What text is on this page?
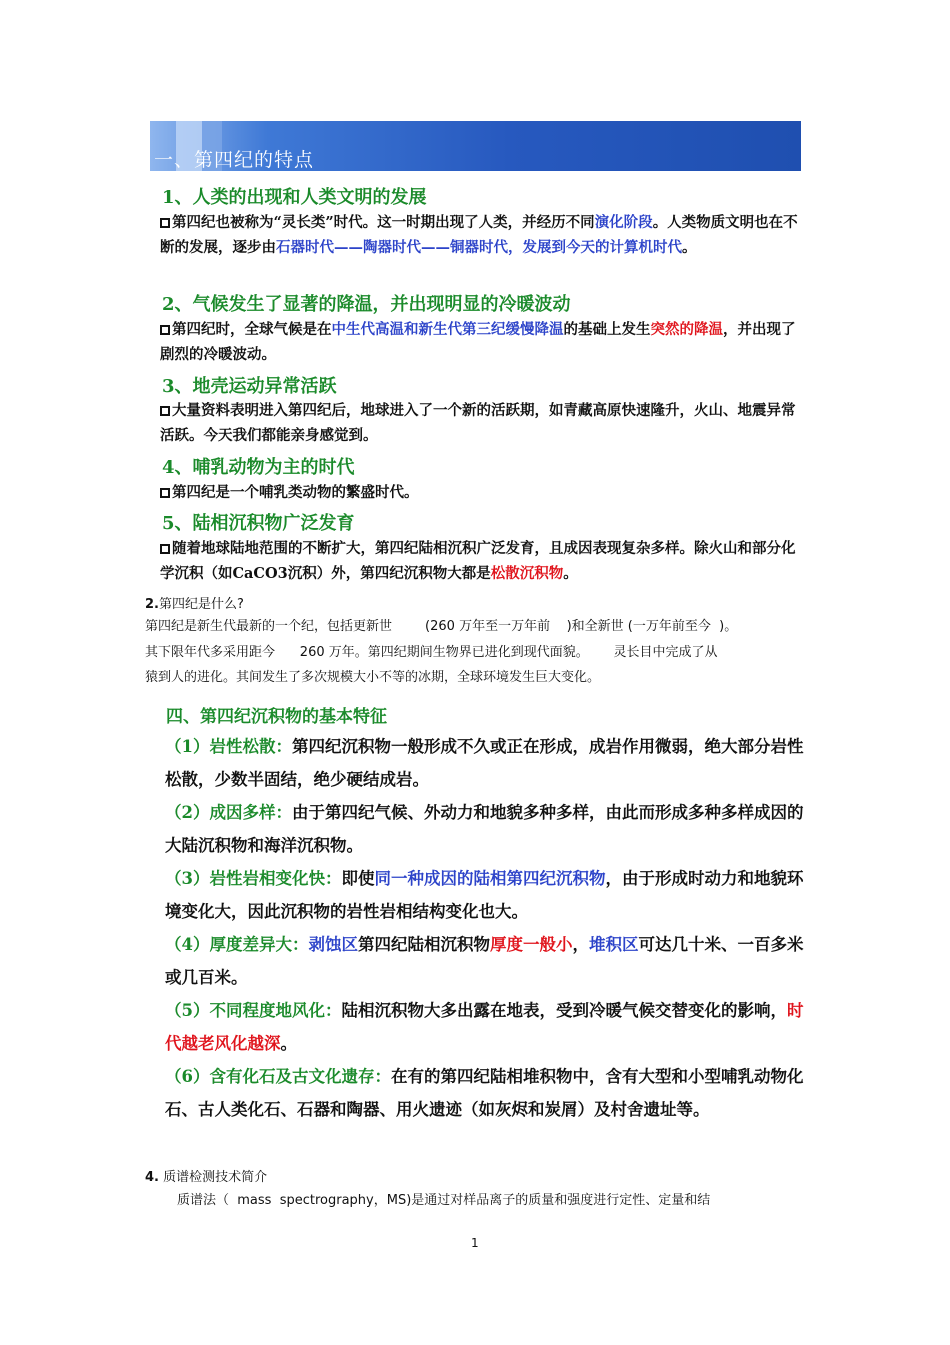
一、第四纪的特点
1、人类的出现和人类文明的发展
第四纪也被称为“灵长类”时代。这一时期出现了人类，并经历不同演化阶段。人类物质文明也在不断的发展，逐步由石器时代——陶器时代——铜器时代，发展到今天的计算机时代。
2、气候发生了显著的降温，并出现明显的冷暖波动
第四纪时，全球气候是在中生代高温和新生代第三纪缓慢降温的基础上发生突然的降温，并出现了剧烈的冷暖波动。
3、地壳运动异常活跃
大量资料表明进入第四纪后，地球进入了一个新的活跃期，如青藏高原快速隆升，火山、地震异常活跃。今天我们都能亲身感觉到。
4、哺乳动物为主的时代
第四纪是一个哺乳类动物的繁盛时代。
5、陆相沉积物广泛发育
随着地球陆地范围的不断扩大，第四纪陆相沉积广泛发育，且成因表现复杂多样。除火山和部分化学沉积（如CaCO3沉积）外，第四纪沉积物大都是松散沉积物。
2.第四纪是什么?
第四纪是新生代最新的一个纪，包括更新世        (260 万年至一万年前    )和全新世 (一万年前至今  )。
其下限年代多采用距今      260 万年。第四纪期间生物界已进化到现代面貌。      灵长目中完成了从
猿到人的进化。其间发生了多次规模大小不等的冰期，全球环境发生巨大变化。
四、第四纪沉积物的基本特征
（1）岩性松散：第四纪沉积物一般形成不久或正在形成，成岩作用微弱，绝大部分岩性松散，少数半固结，绝少硬结成岩。
（2）成因多样：由于第四纪气候、外动力和地貌多种多样，由此而形成多种多样成因的大陆沉积物和海洋沉积物。
（3）岩性岩相变化快：即使同一种成因的陆相第四纪沉积物，由于形成时动力和地貌环境变化大，因此沉积物的岩性岩相结构变化也大。
（4）厚度差异大：剥蚀区第四纪陆相沉积物厚度一般小，堆积区可达几十米、一百多米或几百米。
（5）不同程度地风化：陆相沉积物大多出露在地表，受到冷暖气候交替变化的影响，时代越老风化越深。
（6）含有化石及古文化遗存：在有的第四纪陆相堆积物中，含有大型和小型哺乳动物化石、古人类化石、石器和陶器、用火遗迹（如灰烬和炭屑）及村舍遗址等。
4. 质谱检测技术简介
质谱法（  mass  spectrography，MS)是通过对样品离子的质量和强度进行定性、定量和结
1
